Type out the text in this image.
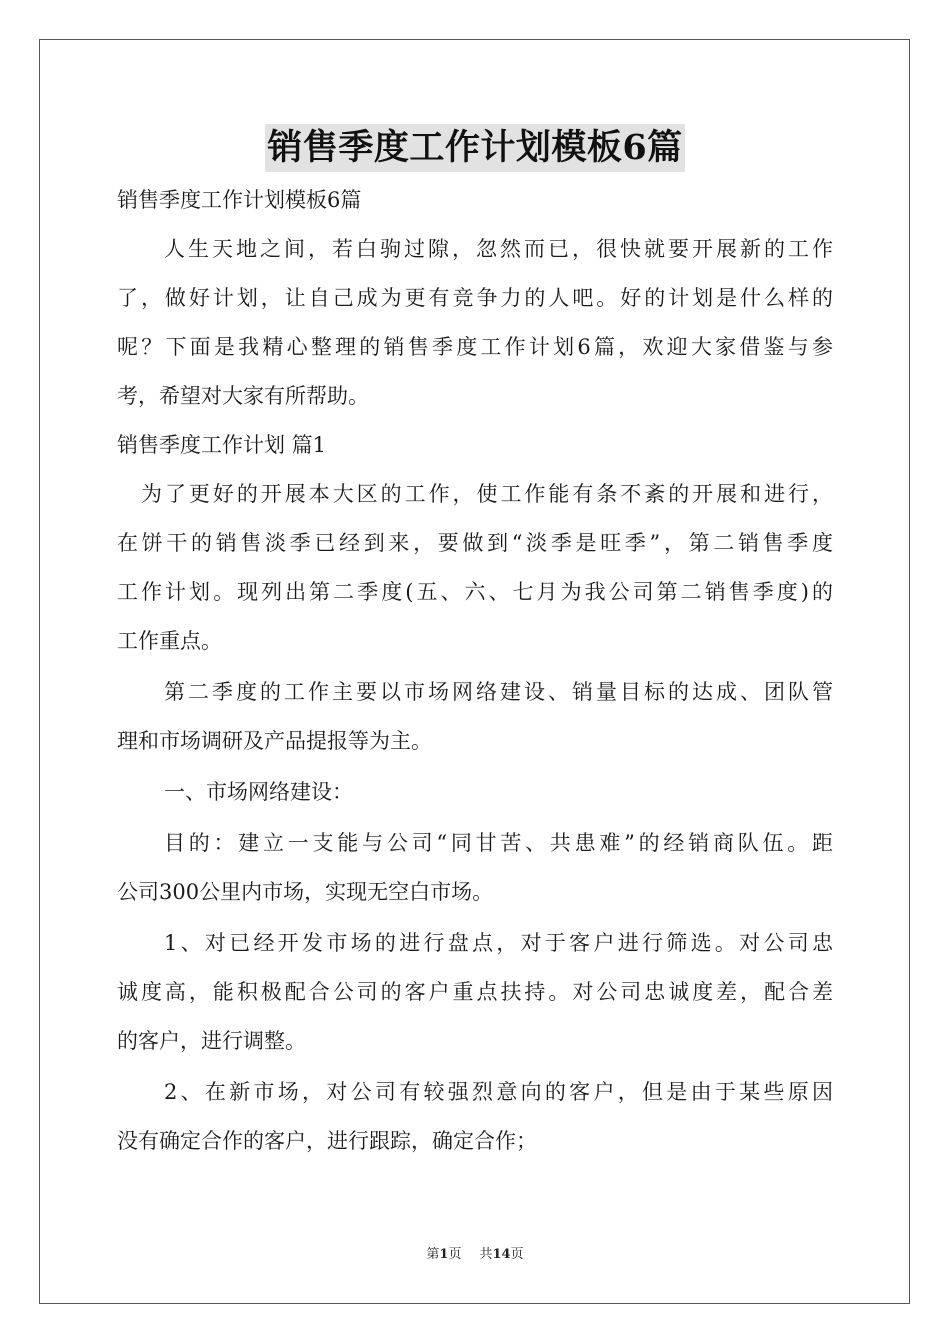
销售季度工作计划模板6篇

销售季度工作计划模板6篇

人生天地之间，若白驹过隙，忽然而已，很快就要开展新的工作

了，做好计划，让自己成为更有竞争力的人吧。好的计划是什么样的

呢？下面是我精心整理的销售季度工作计划6篇，欢迎大家借鉴与参

考，希望对大家有所帮助。

销售季度工作计划 篇1

为了更好的开展本大区的工作，使工作能有条不紊的开展和进行，

在饼干的销售淡季已经到来，要做到“淡季是旺季”，第二销售季度

工作计划。现列出第二季度(五、六、七月为我公司第二销售季度)的

工作重点。

第二季度的工作主要以市场网络建设、销量目标的达成、团队管

理和市场调研及产品提报等为主。

一、市场网络建设：

目的：建立一支能与公司“同甘苦、共患难”的经销商队伍。距

公司300公里内市场，实现无空白市场。

1、对已经开发市场的进行盘点，对于客户进行筛选。对公司忠

诚度高，能积极配合公司的客户重点扶持。对公司忠诚度差，配合差

的客户，进行调整。

2、在新市场，对公司有较强烈意向的客户，但是由于某些原因

没有确定合作的客户，进行跟踪，确定合作；

第1页 共14页
